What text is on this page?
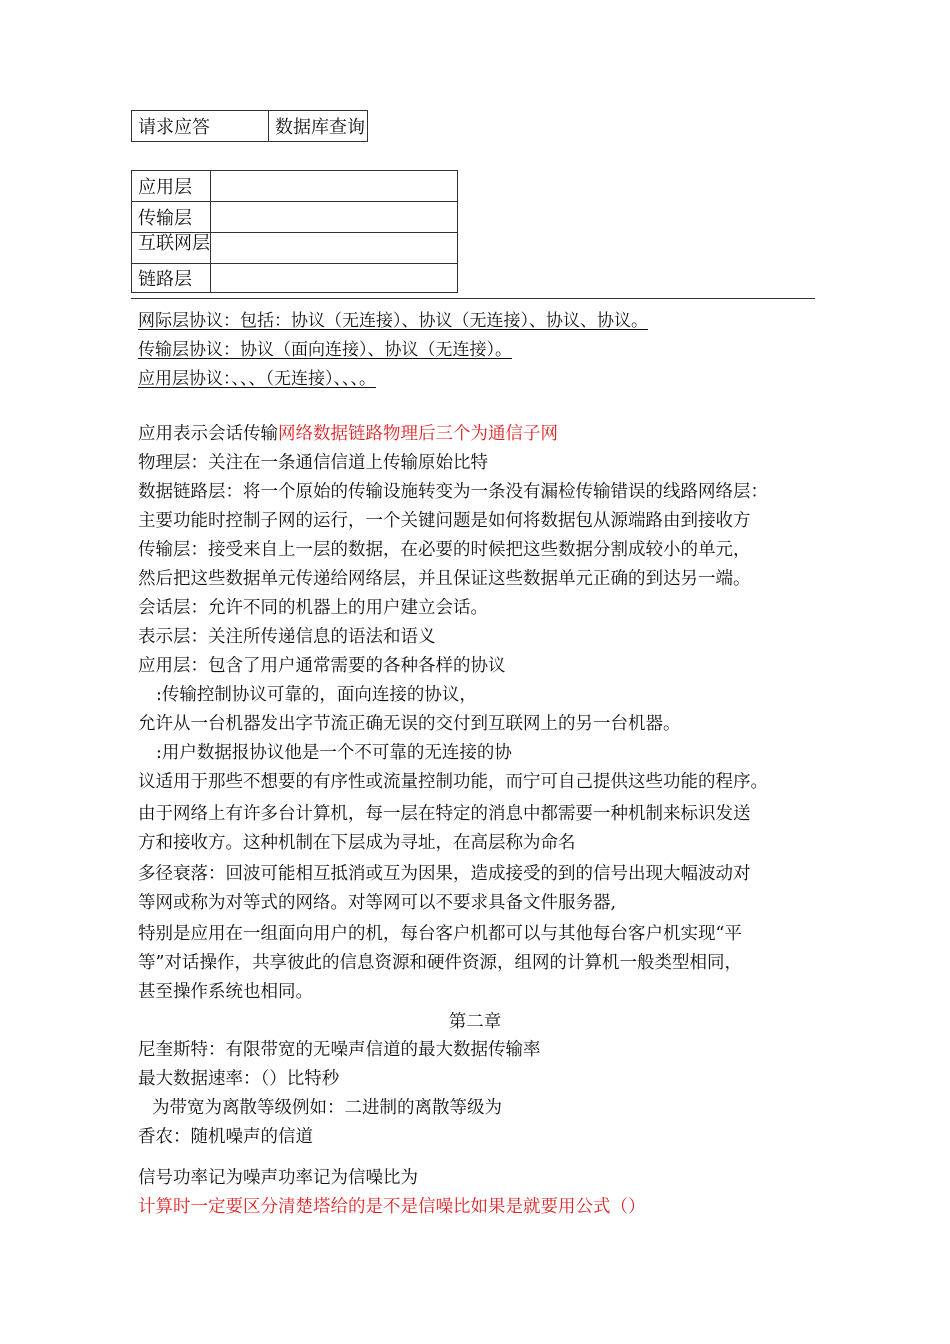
请求应答	数据库查询
应用层	
传输层	

互联网层	

链路层	
网际层协议：包括：协议（无连接）、协议（无连接）、协议、协议。
传输层协议：协议（面向连接）、协议（无连接）。
应用层协议：、、、（无连接）、、、。
应用表示会话传输网络数据链路物理后三个为通信子网
物理层：关注在一条通信信道上传输原始比特
数据链路层：将一个原始的传输设施转变为一条没有漏检传输错误的线路网络层：
主要功能时控制子网的运行，一个关键问题是如何将数据包从源端路由到接收方
传输层：接受来自上一层的数据，在必要的时候把这些数据分割成较小的单元，
然后把这些数据单元传递给网络层，并且保证这些数据单元正确的到达另一端。
会话层：允许不同的机器上的用户建立会话。
表示层：关注所传递信息的语法和语义
应用层：包含了用户通常需要的各种各样的协议
:传输控制协议可靠的，面向连接的协议，
允许从一台机器发出字节流正确无误的交付到互联网上的另一台机器。
:用户数据报协议他是一个不可靠的无连接的协
议适用于那些不想要的有序性或流量控制功能，而宁可自己提供这些功能的程序。
由于网络上有许多台计算机，每一层在特定的消息中都需要一种机制来标识发送
方和接收方。这种机制在下层成为寻址，在高层称为命名
多径衰落：回波可能相互抵消或互为因果，造成接受的到的信号出现大幅波动对
等网或称为对等式的网络。对等网可以不要求具备文件服务器,
特别是应用在一组面向用户的机，每台客户机都可以与其他每台客户机实现“平
等”对话操作，共享彼此的信息资源和硬件资源，组网的计算机一般类型相同，
甚至操作系统也相同。
第二章
尼奎斯特：有限带宽的无噪声信道的最大数据传输率
最大数据速率：（）比特秒
为带宽为离散等级例如：二进制的离散等级为
香农：随机噪声的信道
信号功率记为噪声功率记为信噪比为
计算时一定要区分清楚塔给的是不是信噪比如果是就要用公式（）
